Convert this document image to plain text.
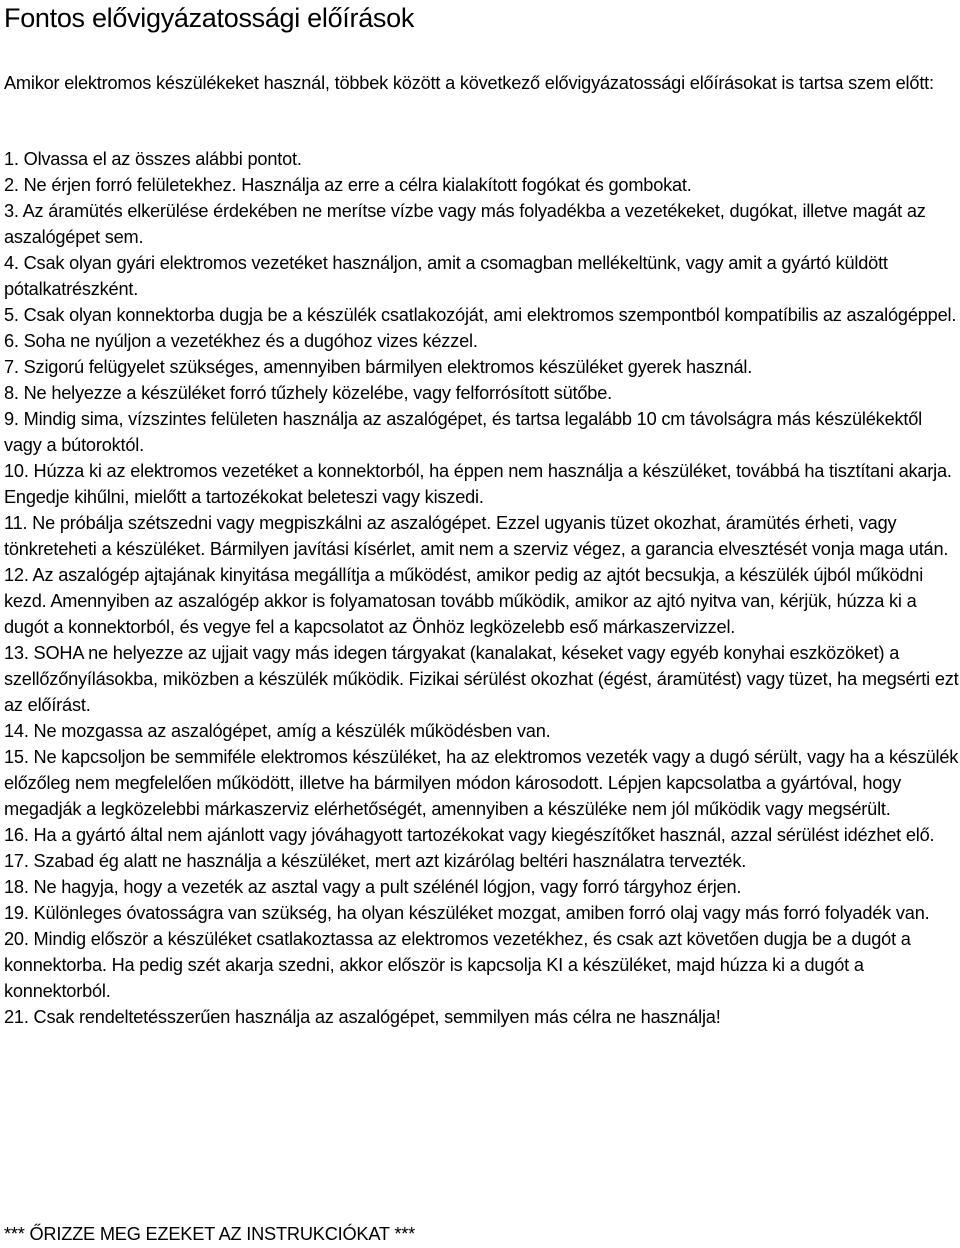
Fontos elővigyázatossági előírások

Amikor elektromos készülékeket használ, többek között a következő elővigyázatossági előírásokat is tartsa szem előtt:

1. Olvassa el az összes alábbi pontot.
2. Ne érjen forró felületekhez. Használja az erre a célra kialakított fogókat és gombokat.
3. Az áramütés elkerülése érdekében ne merítse vízbe vagy más folyadékba a vezetékeket, dugókat, illetve magát az aszalógépet sem.
4. Csak olyan gyári elektromos vezetéket használjon, amit a csomagban mellékeltünk, vagy amit a gyártó küldött pótalkatrészként.
5. Csak olyan konnektorba dugja be a készülék csatlakozóját, ami elektromos szempontból kompatíbilis az aszalógéppel.
6. Soha ne nyúljon a vezetékhez és a dugóhoz vizes kézzel.
7. Szigorú felügyelet szükséges, amennyiben bármilyen elektromos készüléket gyerek használ.
8. Ne helyezze a készüléket forró tűzhely közelébe, vagy felforrósított sütőbe.
9. Mindig sima, vízszintes felületen használja az aszalógépet, és tartsa legalább 10 cm távolságra más készülékektől vagy a bútoroktól.
10. Húzza ki az elektromos vezetéket a konnektorból, ha éppen nem használja a készüléket, továbbá ha tisztítani akarja. Engedje kihűlni, mielőtt a tartozékokat beleteszi vagy kiszedi.
11. Ne próbálja szétszedni vagy megpiszkálni az aszalógépet. Ezzel ugyanis tüzet okozhat, áramütés érheti, vagy tönkreteheti a készüléket. Bármilyen javítási kísérlet, amit nem a szerviz végez, a garancia elvesztését vonja maga után.
12. Az aszalógép ajtajának kinyitása megállítja a működést, amikor pedig az ajtót becsukja, a készülék újból működni kezd. Amennyiben az aszalógép akkor is folyamatosan tovább működik, amikor az ajtó nyitva van, kérjük, húzza ki a dugót a konnektorból, és vegye fel a kapcsolatot az Önhöz legközelebb eső márkaszervizzel.
13. SOHA ne helyezze az ujjait vagy más idegen tárgyakat (kanalakat, késeket vagy egyéb konyhai eszközöket) a szellőzőnyílásokba, miközben a készülék működik. Fizikai sérülést okozhat (égést, áramütést) vagy tüzet, ha megsérti ezt az előírást.
14. Ne mozgassa az aszalógépet, amíg a készülék működésben van.
15. Ne kapcsoljon be semmiféle elektromos készüléket, ha az elektromos vezeték vagy a dugó sérült, vagy ha a készülék előzőleg nem megfelelően működött, illetve ha bármilyen módon károsodott. Lépjen kapcsolatba a gyártóval, hogy megadják a legközelebbi márkaszerviz elérhetőségét, amennyiben a készüléke nem jól működik vagy megsérült.
16. Ha a gyártó által nem ajánlott vagy jóváhagyott tartozékokat vagy kiegészítőket használ, azzal sérülést idézhet elő.
17. Szabad ég alatt ne használja a készüléket, mert azt kizárólag beltéri használatra tervezték.
18. Ne hagyja, hogy a vezeték az asztal vagy a pult szélénél lógjon, vagy forró tárgyhoz érjen.
19. Különleges óvatosságra van szükség, ha olyan készüléket mozgat, amiben forró olaj vagy más forró folyadék van.
20. Mindig először a készüléket csatlakoztassa az elektromos vezetékhez, és csak azt követően dugja be a dugót a konnektorba. Ha pedig szét akarja szedni, akkor először is kapcsolja KI a készüléket, majd húzza ki a dugót a konnektorból.
21. Csak rendeltetésszerűen használja az aszalógépet, semmilyen más célra ne használja!

*** ŐRIZZE MEG EZEKET AZ INSTRUKCIÓKAT ***
